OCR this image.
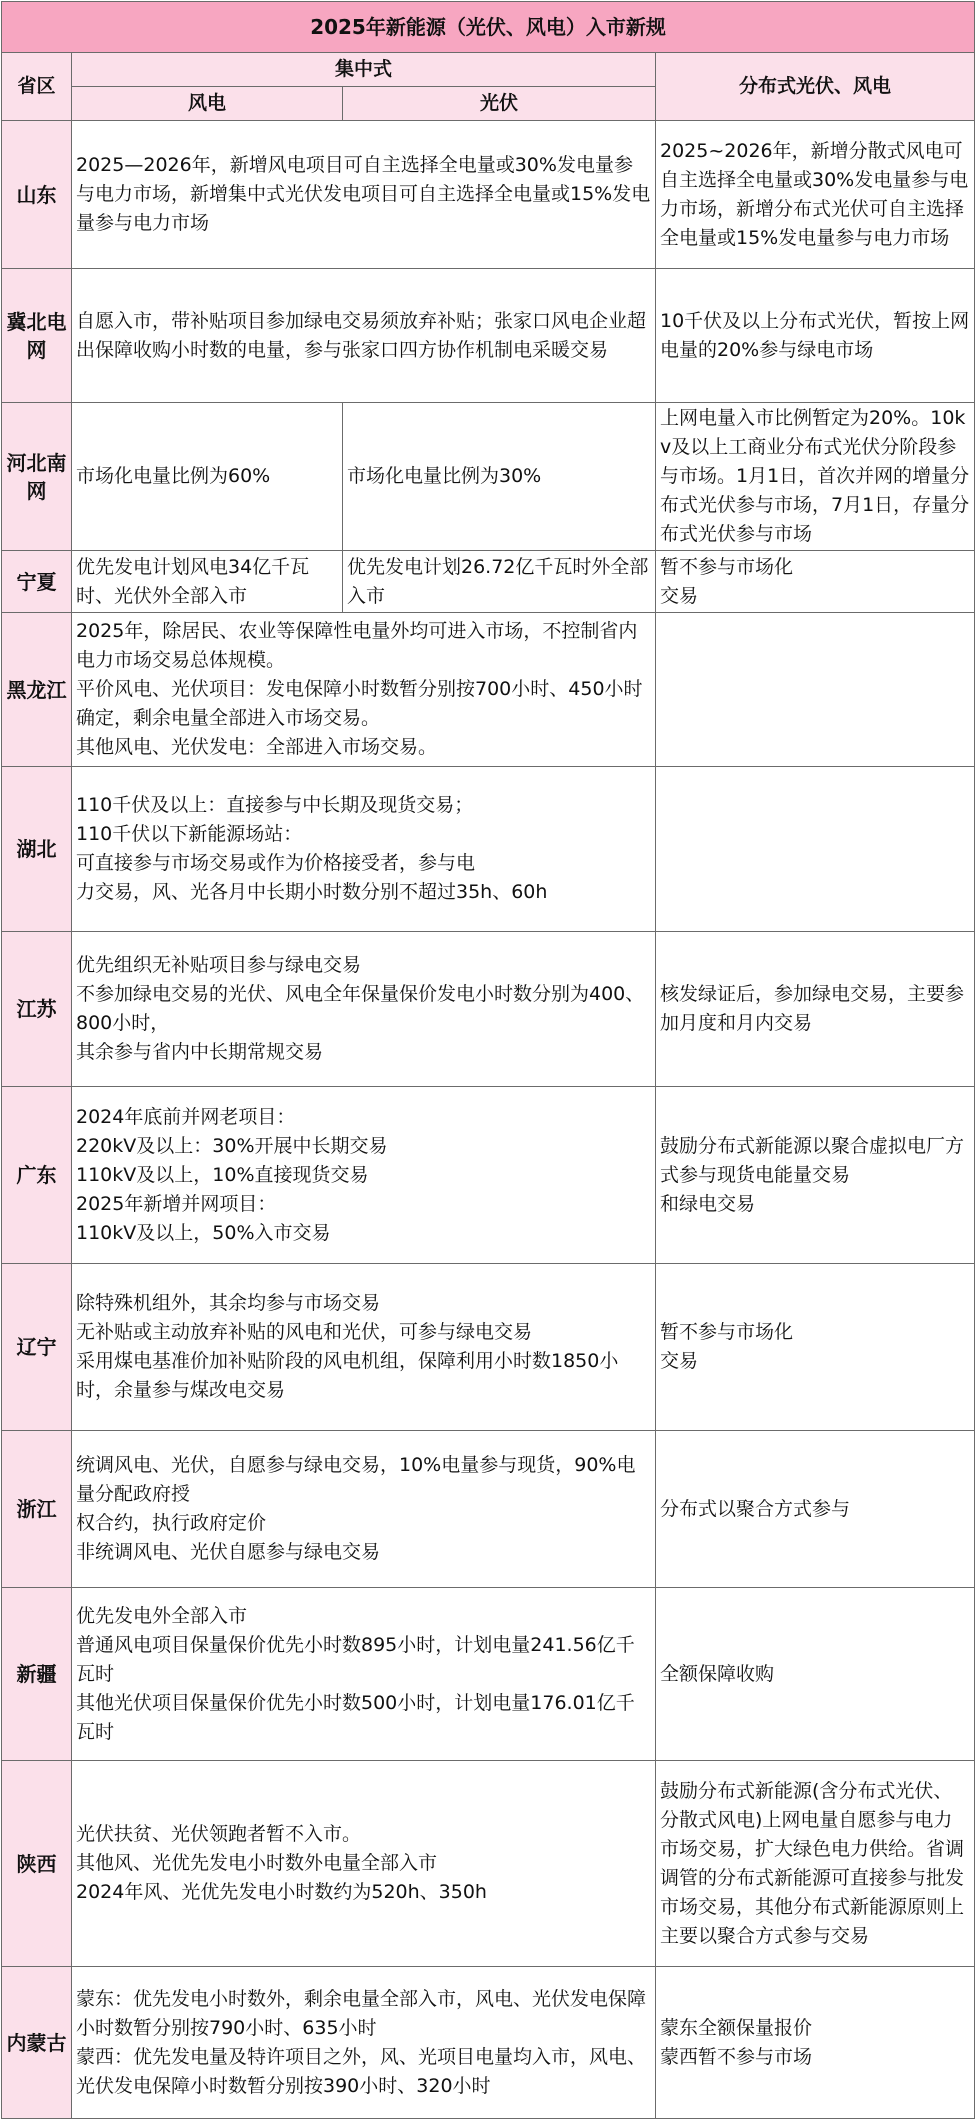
2025年新能源（光伏、风电）入市新规			
省区	集中式		分布式光伏、风电
	风电	光伏	
山东	2025—2026年，新增风电项目可自主选择全电量或30%发电量参与电力市场，新增集中式光伏发电项目可自主选择全电量或15%发电量参与电力市场		2025~2026年，新增分散式风电可自主选择全电量或30%发电量参与电力市场，新增分布式光伏可自主选择全电量或15%发电量参与电力市场
冀北电网	自愿入市，带补贴项目参加绿电交易须放弃补贴；张家口风电企业超出保障收购小时数的电量，参与张家口四方协作机制电采暖交易		10千伏及以上分布式光伏，暂按上网电量的20%参与绿电市场
河北南网	市场化电量比例为60%	市场化电量比例为30%	上网电量入市比例暂定为20%。10kv及以上工商业分布式光伏分阶段参与市场。1月1日，首次并网的增量分布式光伏参与市场，7月1日，存量分布式光伏参与市场
宁夏	优先发电计划风电34亿千瓦时、光伏外全部入市	优先发电计划26.72亿千瓦时外全部入市	暂不参与市场化
交易
黑龙江	2025年，除居民、农业等保障性电量外均可进入市场，不控制省内电力市场交易总体规模。
平价风电、光伏项目：发电保障小时数暂分别按700小时、450小时确定，剩余电量全部进入市场交易。
其他风电、光伏发电：全部进入市场交易。		
湖北	110千伏及以上：直接参与中长期及现货交易；
110千伏以下新能源场站：
可直接参与市场交易或作为价格接受者，参与电
力交易，风、光各月中长期小时数分别不超过35h、60h		
江苏	优先组织无补贴项目参与绿电交易
不参加绿电交易的光伏、风电全年保量保价发电小时数分别为400、800小时，
其余参与省内中长期常规交易		核发绿证后，参加绿电交易，主要参加月度和月内交易
广东	2024年底前并网老项目：
220kV及以上：30%开展中长期交易
110kV及以上，10%直接现货交易
2025年新增并网项目：
110kV及以上，50%入市交易		鼓励分布式新能源以聚合虚拟电厂方式参与现货电能量交易
和绿电交易
辽宁	除特殊机组外，其余均参与市场交易
无补贴或主动放弃补贴的风电和光伏，可参与绿电交易
采用煤电基准价加补贴阶段的风电机组，保障利用小时数1850小时，余量参与煤改电交易		暂不参与市场化
交易
浙江	统调风电、光伏，自愿参与绿电交易，10%电量参与现货，90%电量分配政府授
权合约，执行政府定价
非统调风电、光伏自愿参与绿电交易		分布式以聚合方式参与
新疆	优先发电外全部入市
普通风电项目保量保价优先小时数895小时，计划电量241.56亿千瓦时
其他光伏项目保量保价优先小时数500小时，计划电量176.01亿千瓦时		全额保障收购
陕西	光伏扶贫、光伏领跑者暂不入市。
其他风、光优先发电小时数外电量全部入市
2024年风、光优先发电小时数约为520h、350h		鼓励分布式新能源(含分布式光伏、分散式风电)上网电量自愿参与电力市场交易，扩大绿色电力供给。省调调管的分布式新能源可直接参与批发市场交易，其他分布式新能源原则上主要以聚合方式参与交易
内蒙古	蒙东：优先发电小时数外，剩余电量全部入市，风电、光伏发电保障小时数暂分别按790小时、635小时
蒙西：优先发电量及特许项目之外，风、光项目电量均入市，风电、光伏发电保障小时数暂分别按390小时、320小时		蒙东全额保量报价
蒙西暂不参与市场
